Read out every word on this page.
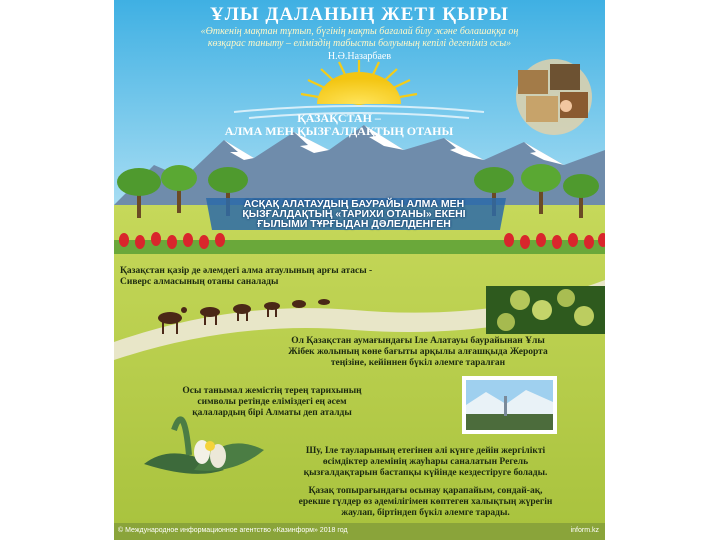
ҰЛЫ ДАЛАНЫҢ ЖЕТІ ҚЫРЫ
«Өткенің мақтан тұтып, бүгінің нақты бағалай білу және болашаққа оң
көзқарас таныту – еліміздің табысты болуының кепілі дегеніміз осы»
Н.Ә.Назарбаев
ҚАЗАҚСТАН –
АЛМА МЕН ҚЫЗҒАЛДАҚТЫҢ ОТАНЫ
АСҚАҚ АЛАТАУДЫҢ БАУРАЙЫ АЛМА МЕН
ҚЫЗҒАЛДАҚТЫҢ «ТАРИХИ ОТАНЫ» ЕКЕНІ
ҒЫЛЫМИ ТҰРҒЫДАН ДӘЛЕЛДЕНГЕН
Қазақстан қазір де әлемдегі алма атаулының арғы атасы -
Сиверс алмасының отаны саналады
Ол Қазақстан аумағындағы Іле Алатауы баурайынан Ұлы
Жібек жолының көне бағыты арқылы алғашқыда Жерорта
теңізіне, кейіннен бүкіл әлемге таралған
Осы танымал жемістің терең тарихының
символы ретінде еліміздегі ең әсем
қалалардың бірі Алматы деп аталды
Шу, Іле тауларының етегінен әлі күнге дейін жергілікті
өсімдіктер әлемінің жауһары саналатын Регель
қызғалдақтарын бастапқы күйінде кездестіруге болады.
Қазақ топырағындағы осынау қарапайым, сондай-ақ,
ерекше гүлдер өз әдемілігімен көптеген халықтың жүрегін
жаулап, біртіндеп бүкіл әлемге тарады.
© Международное информационное агентство «Казинформ» 2018 год	inform.kz
